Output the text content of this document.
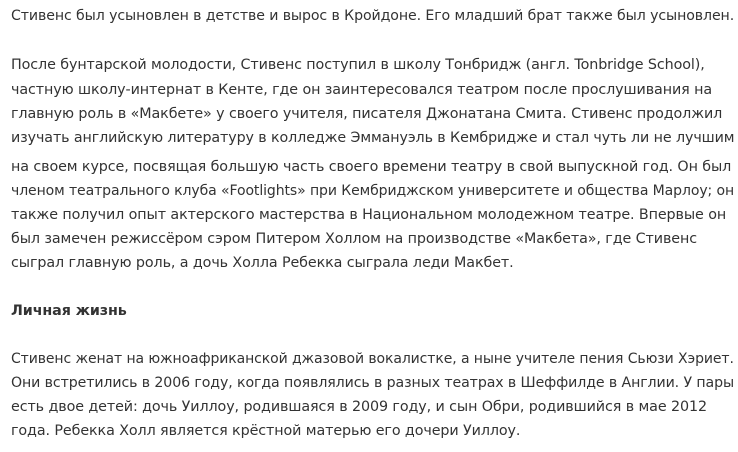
Стивенс был усыновлен в детстве и вырос в Кройдоне. Его младший брат также был усыновлен.
После бунтарской молодости, Стивенс поступил в школу Тонбридж (англ. Tonbridge School),
частную школу-интернат в Кенте, где он заинтересовался театром после прослушивания на
главную роль в «Макбете» у своего учителя, писателя Джонатана Смита. Стивенс продолжил
изучать английскую литературу в колледже Эммануэль в Кембридже и стал чуть ли не лучшим
на своем курсе, посвящая большую часть своего времени театру в свой выпускной год. Он был
членом театрального клуба «Footlights» при Кембриджском университете и общества Марлоу; он
также получил опыт актерского мастерства в Национальном молодежном театре. Впервые он
был замечен режиссёром сэром Питером Холлом на производстве «Макбета», где Стивенс
сыграл главную роль, а дочь Холла Ребекка сыграла леди Макбет.
Личная жизнь
Стивенс женат на южноафриканской джазовой вокалистке, а ныне учителе пения Сьюзи Хэриет.
Они встретились в 2006 году, когда появлялись в разных театрах в Шеффилде в Англии. У пары
есть двое детей: дочь Уиллоу, родившаяся в 2009 году, и сын Обри, родившийся в мае 2012
года. Ребекка Холл является крёстной матерью его дочери Уиллоу.
